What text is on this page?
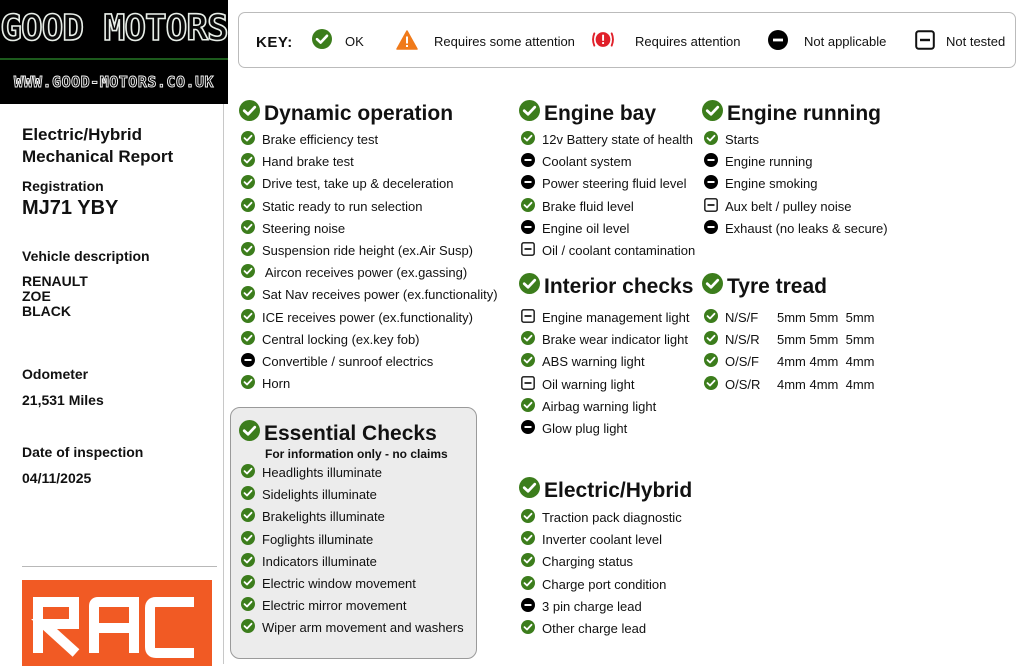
GOOD MOTORS
WWW.GOOD-MOTORS.CO.UK
Electric/Hybrid
Mechanical Report
Registration
MJ71 YBY
Vehicle description
RENAULT
ZOE
BLACK
Odometer
21,531 Miles
Date of inspection
04/11/2025
KEY:	OK	Requires some attention	Requires attention	Not applicable	Not tested
For information only - no claims
Dynamic operation
Brake efficiency test
Hand brake test
Drive test, take up & deceleration
Static ready to run selection
Steering noise
Suspension ride height (ex.Air Susp)
Aircon receives power (ex.gassing)
Sat Nav receives power (ex.functionality)
ICE receives power (ex.functionality)
Central locking (ex.key fob)
Convertible / sunroof electrics
Horn
Essential Checks
Headlights illuminate
Sidelights illuminate
Brakelights illuminate
Foglights illuminate
Indicators illuminate
Electric window movement
Electric mirror movement
Wiper arm movement and washers
Engine bay
12v Battery state of health
Coolant system
Power steering fluid level
Brake fluid level
Engine oil level
Oil / coolant contamination
Interior checks
Engine management light
Brake wear indicator light
ABS warning light
Oil warning light
Airbag warning light
Glow plug light
Electric/Hybrid
Traction pack diagnostic
Inverter coolant level
Charging status
Charge port condition
3 pin charge lead
Other charge lead
Engine running
Starts
Engine running
Engine smoking
Aux belt / pulley noise
Exhaust (no leaks & secure)
Tyre tread
N/S/F	5mm 5mm  5mm
N/S/R	5mm 5mm  5mm
O/S/F	4mm 4mm  4mm
O/S/R	4mm 4mm  4mm
